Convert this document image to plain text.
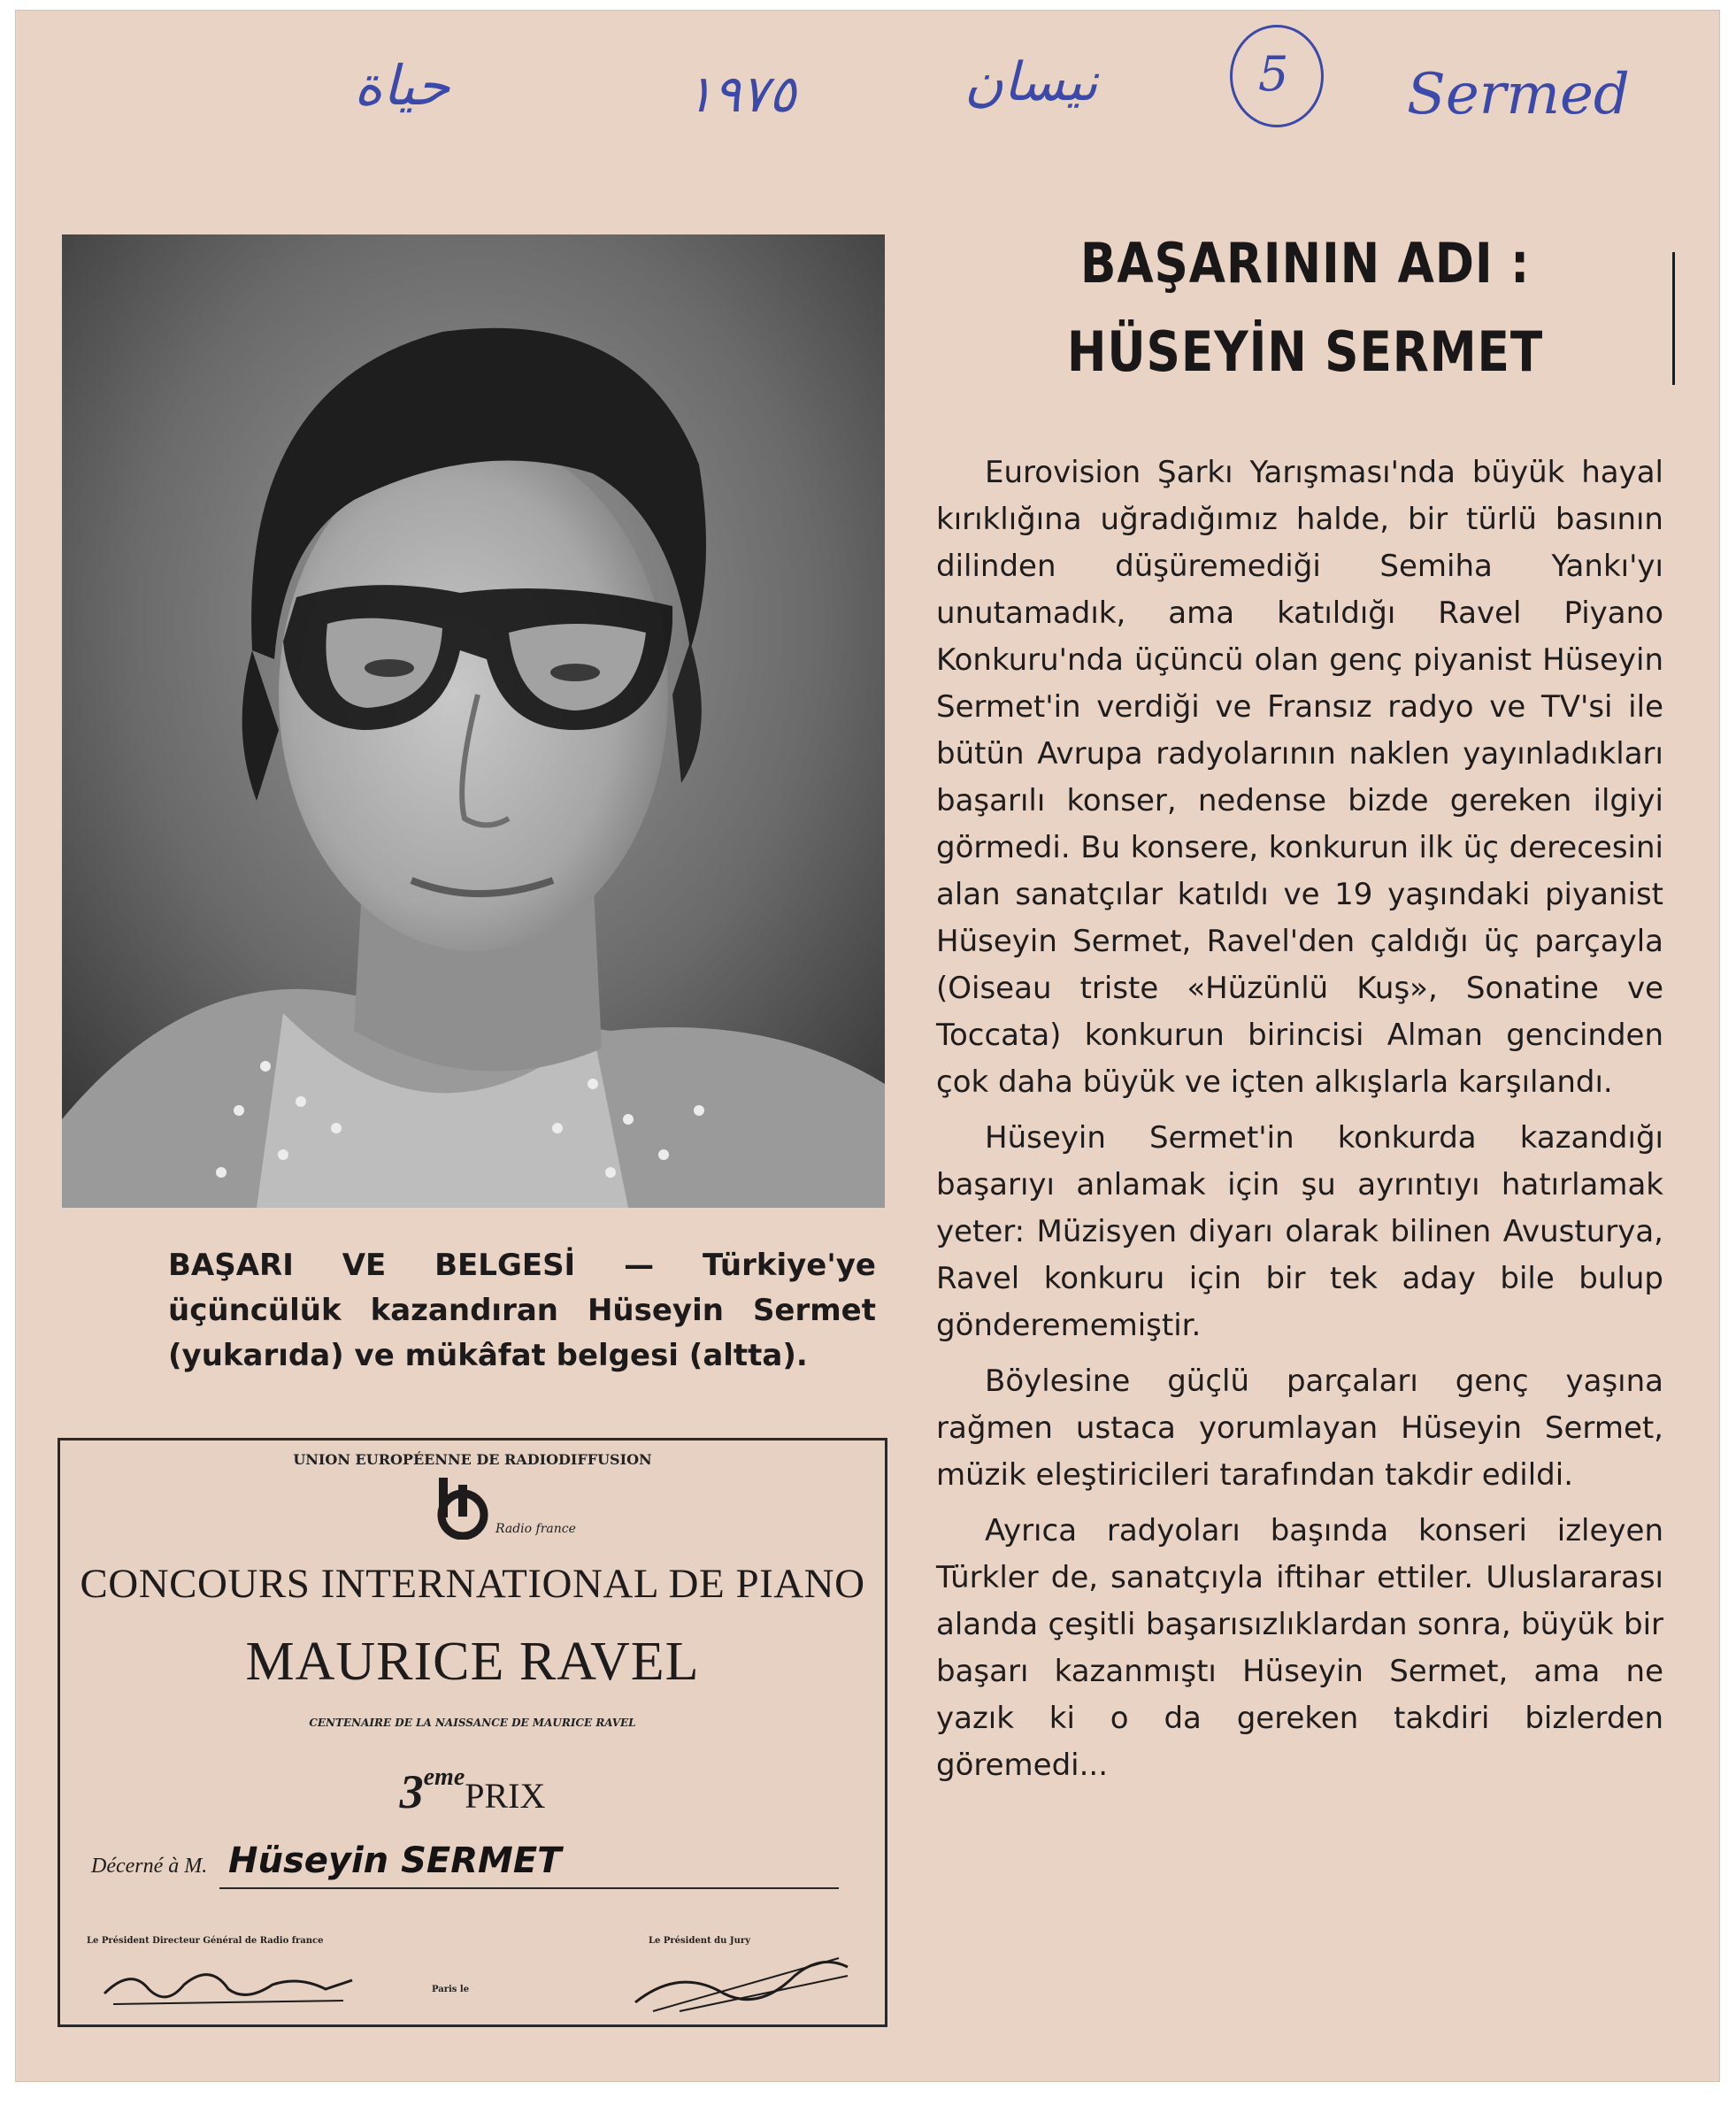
حياة	١٩٧٥	نيسان	5 Sermed
BAŞARI VE BELGESİ — Türkiye'ye üçüncülük kazandıran Hüseyin Sermet (yukarıda) ve mükâfat belgesi (altta).
UNION EUROPÉENNE DE RADIODIFFUSION
Radio france
CONCOURS INTERNATIONAL DE PIANO
MAURICE RAVEL
CENTENAIRE DE LA NAISSANCE DE MAURICE RAVEL
3emePRIX
Décerné à M. Hüseyin SERMET
Le Président Directeur Général de Radio france
Paris le
Le Président du Jury
BAŞARININ ADI :
HÜSEYİN SERMET

Eurovision Şarkı Yarışması'nda büyük hayal kırıklığına uğradığımız halde, bir türlü basının dilinden düşüremediği Semiha Yankı'yı unutamadık, ama katıldığı Ravel Piyano Konkuru'nda üçüncü olan genç piyanist Hüseyin Sermet'in verdiği ve Fransız radyo ve TV'si ile bütün Avrupa radyolarının naklen yayınladıkları başarılı konser, nedense bizde gereken ilgiyi görmedi. Bu konsere, konkurun ilk üç derecesini alan sanatçılar katıldı ve 19 yaşındaki piyanist Hüseyin Sermet, Ravel'den çaldığı üç parçayla (Oiseau triste «Hüzünlü Kuş», Sonatine ve Toccata) konkurun birincisi Alman gencinden çok daha büyük ve içten alkışlarla karşılandı.

Hüseyin Sermet'in konkurda kazandığı başarıyı anlamak için şu ayrıntıyı hatırlamak yeter: Müzisyen diyarı olarak bilinen Avusturya, Ravel konkuru için bir tek aday bile bulup gönderememiştir.

Böylesine güçlü parçaları genç yaşına rağmen ustaca yorumlayan Hüseyin Sermet, müzik eleştiricileri tarafından takdir edildi.

Ayrıca radyoları başında konseri izleyen Türkler de, sanatçıyla iftihar ettiler. Uluslararası alanda çeşitli başarısızlıklardan sonra, büyük bir başarı kazanmıştı Hüseyin Sermet, ama ne yazık ki o da gereken takdiri bizlerden göremedi...
